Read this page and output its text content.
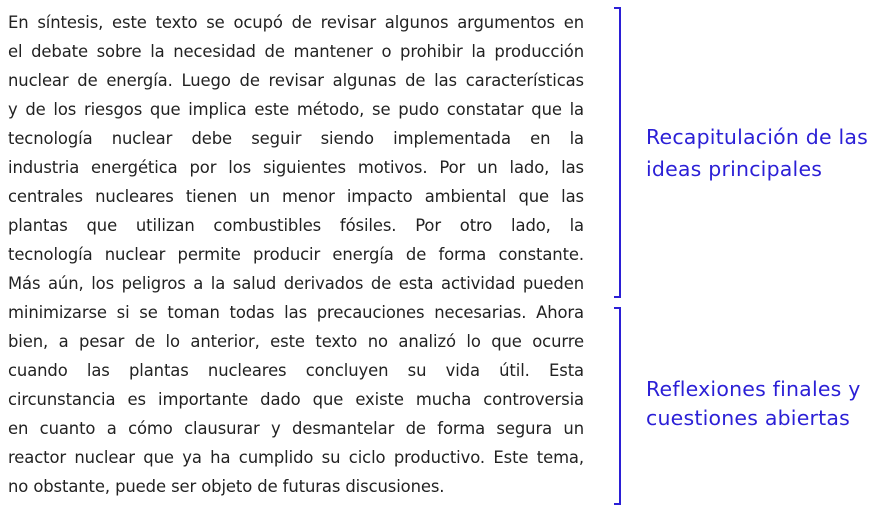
En síntesis, este texto se ocupó de revisar algunos argumentos en
el debate sobre la necesidad de mantener o prohibir la producción
nuclear de energía. Luego de revisar algunas de las características
y de los riesgos que implica este método, se pudo constatar que la
tecnología nuclear debe seguir siendo implementada en la
industria energética por los siguientes motivos. Por un lado, las
centrales nucleares tienen un menor impacto ambiental que las
plantas que utilizan combustibles fósiles. Por otro lado, la
tecnología nuclear permite producir energía de forma constante.
Más aún, los peligros a la salud derivados de esta actividad pueden
minimizarse si se toman todas las precauciones necesarias. Ahora
bien, a pesar de lo anterior, este texto no analizó lo que ocurre
cuando las plantas nucleares concluyen su vida útil. Esta
circunstancia es importante dado que existe mucha controversia
en cuanto a cómo clausurar y desmantelar de forma segura un
reactor nuclear que ya ha cumplido su ciclo productivo. Este tema,
no obstante, puede ser objeto de futuras discusiones.
Recapitulación de las ideas principales
Reflexiones finales y cuestiones abiertas
